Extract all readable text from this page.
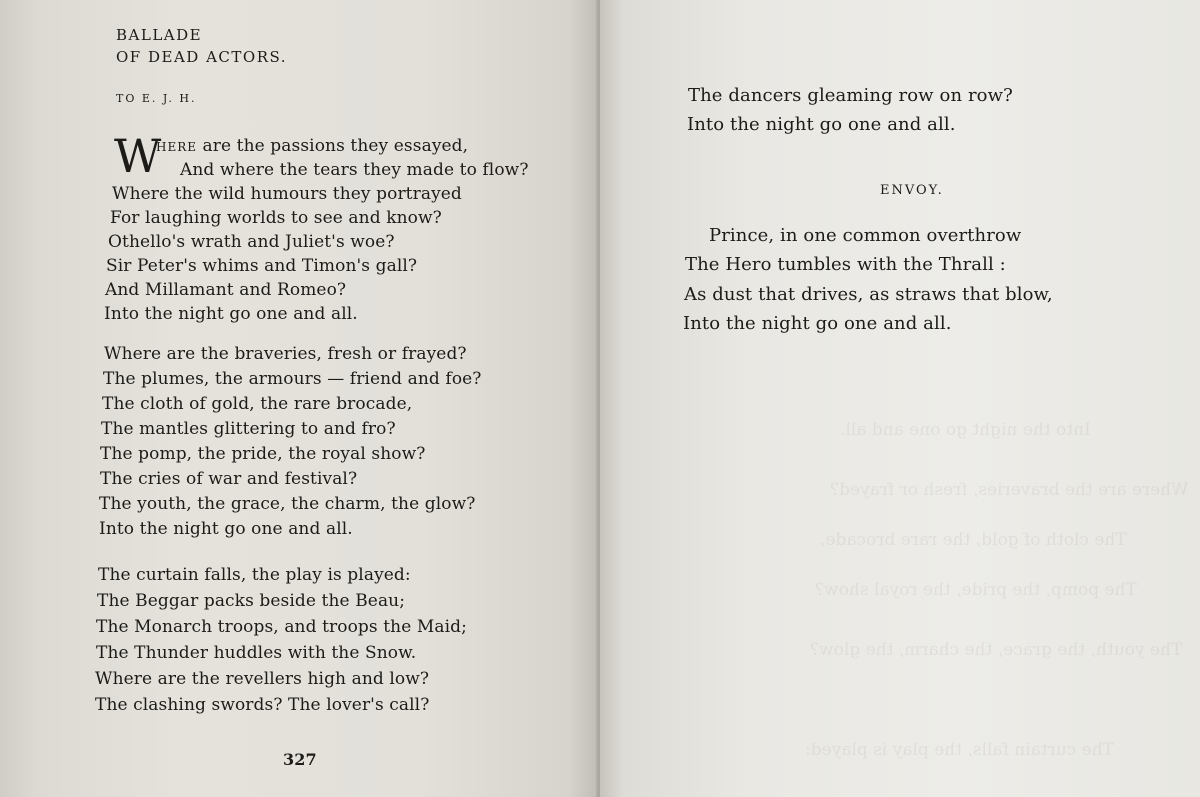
BALLADE

OF DEAD ACTORS.

TO E. J. H.

W

HERE are the passions they essayed,

And where the tears they made to flow?

Where the wild humours they portrayed

For laughing worlds to see and know?

Othello's wrath and Juliet's woe?

Sir Peter's whims and Timon's gall?

And Millamant and Romeo?

Into the night go one and all.

Where are the braveries, fresh or frayed?

The plumes, the armours — friend and foe?

The cloth of gold, the rare brocade,

The mantles glittering to and fro?

The pomp, the pride, the royal show?

The cries of war and festival?

The youth, the grace, the charm, the glow?

Into the night go one and all.

The curtain falls, the play is played:

The Beggar packs beside the Beau;

The Monarch troops, and troops the Maid;

The Thunder huddles with the Snow.

Where are the revellers high and low?

The clashing swords? The lover's call?

327

Into the night go one and all.
Where are the braveries, fresh or frayed?
The cloth of gold, the rare brocade,
The pomp, the pride, the royal show?
The youth, the grace, the charm, the glow?
The curtain falls, the play is played:

The dancers gleaming row on row?

Into the night go one and all.

ENVOY.

Prince, in one common overthrow

The Hero tumbles with the Thrall :

As dust that drives, as straws that blow,

Into the night go one and all.
